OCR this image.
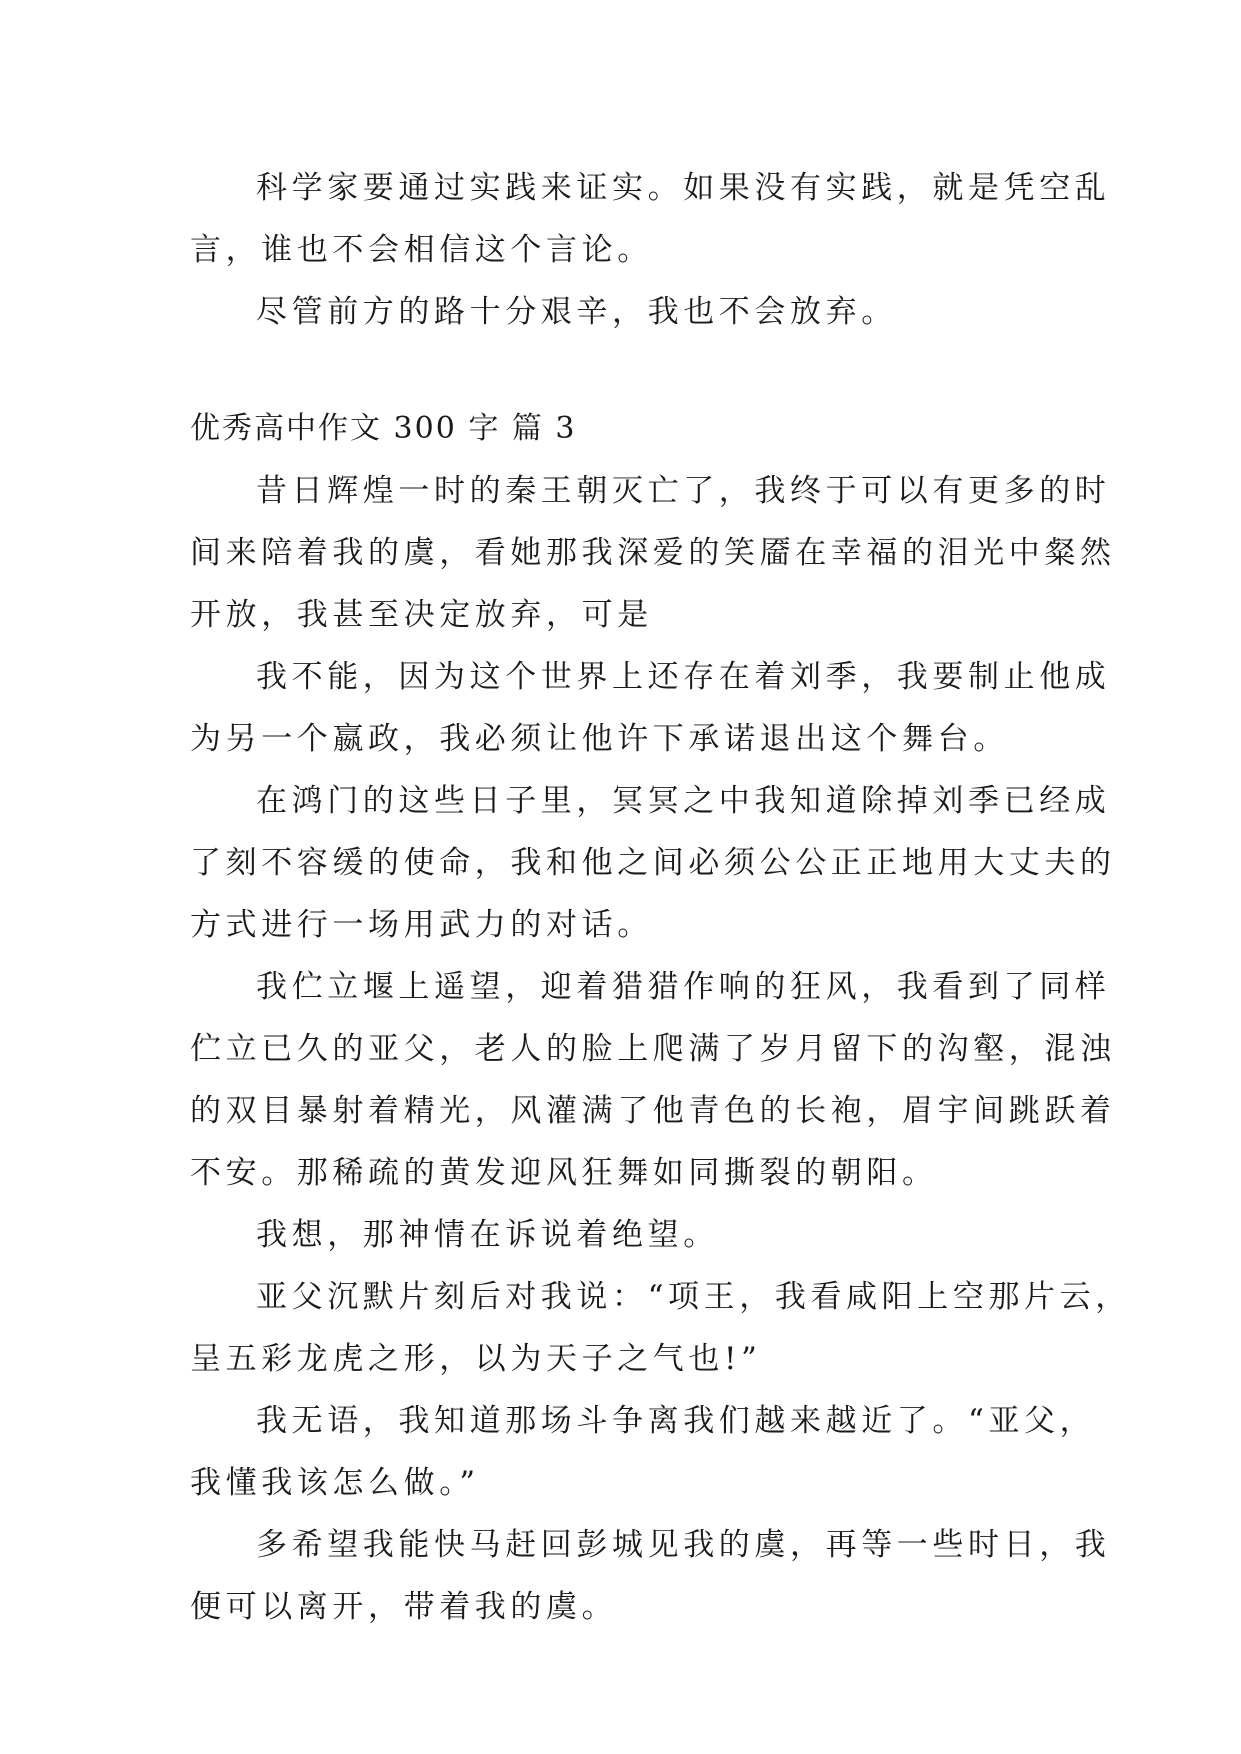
科学家要通过实践来证实。如果没有实践，就是凭空乱
言，谁也不会相信这个言论。
尽管前方的路十分艰辛，我也不会放弃。
优秀高中作文 300 字 篇 3
昔日辉煌一时的秦王朝灭亡了，我终于可以有更多的时
间来陪着我的虞，看她那我深爱的笑靥在幸福的泪光中粲然
开放，我甚至决定放弃，可是
我不能，因为这个世界上还存在着刘季，我要制止他成
为另一个嬴政，我必须让他许下承诺退出这个舞台。
在鸿门的这些日子里，冥冥之中我知道除掉刘季已经成
了刻不容缓的使命，我和他之间必须公公正正地用大丈夫的
方式进行一场用武力的对话。
我伫立堰上遥望，迎着猎猎作响的狂风，我看到了同样
伫立已久的亚父，老人的脸上爬满了岁月留下的沟壑，混浊
的双目暴射着精光，风灌满了他青色的长袍，眉宇间跳跃着
不安。那稀疏的黄发迎风狂舞如同撕裂的朝阳。
我想，那神情在诉说着绝望。
亚父沉默片刻后对我说：“项王，我看咸阳上空那片云，
呈五彩龙虎之形，以为天子之气也!”
我无语，我知道那场斗争离我们越来越近了。“亚父，
我懂我该怎么做。”
多希望我能快马赶回彭城见我的虞，再等一些时日，我
便可以离开，带着我的虞。
